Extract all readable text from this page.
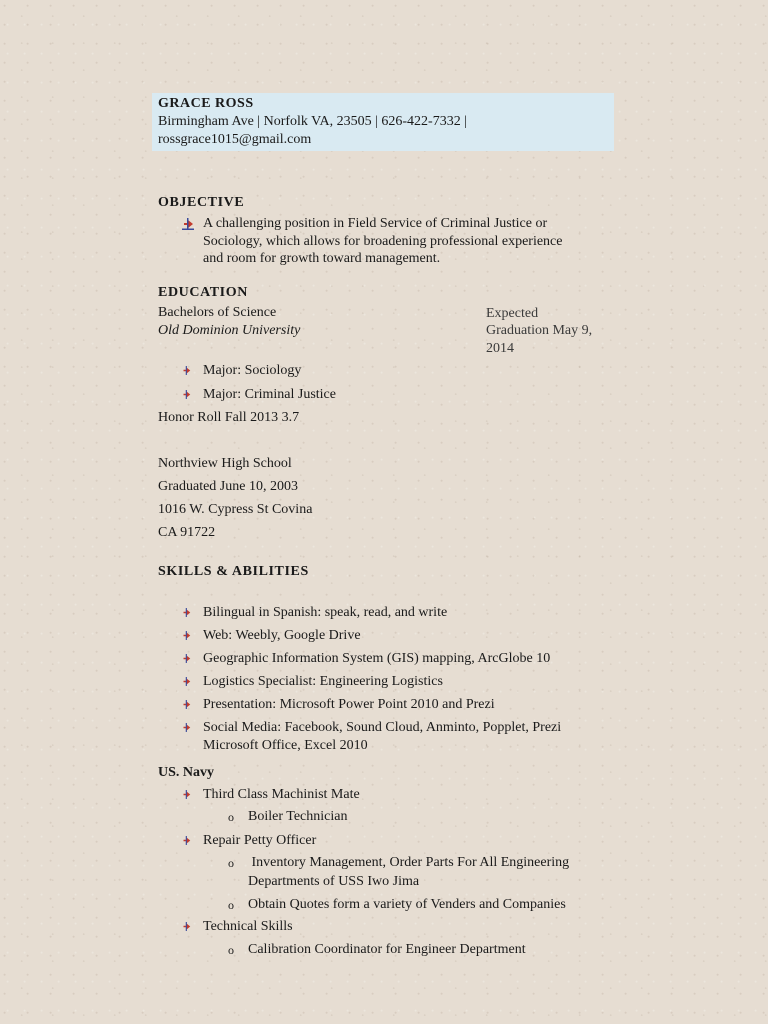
GRACE ROSS
Birmingham Ave | Norfolk VA, 23505 | 626-422-7332 |
rossgrace1015@gmail.com
OBJECTIVE
A challenging position in Field Service of Criminal Justice or
Sociology, which allows for broadening professional experience
and room for growth toward management.
EDUCATION
Bachelors of Science
Old Dominion University
Expected
Graduation May 9,
2014
Major: Sociology
Major: Criminal Justice
Honor Roll Fall 2013 3.7
Northview High School
Graduated June 10, 2003
1016 W. Cypress St Covina
CA 91722
SKILLS & ABILITIES
Bilingual in Spanish: speak, read, and write
Web: Weebly, Google Drive
Geographic Information System (GIS) mapping, ArcGlobe 10
Logistics Specialist: Engineering Logistics
Presentation: Microsoft Power Point 2010 and Prezi
Social Media: Facebook, Sound Cloud, Anminto, Popplet, Prezi
Microsoft Office, Excel 2010
US. Navy
Third Class Machinist Mate
o Boiler Technician
Repair Petty Officer
o Inventory Management, Order Parts For All Engineering
Departments of USS Iwo Jima
o Obtain Quotes form a variety of Venders and Companies
Technical Skills
o Calibration Coordinator for Engineer Department
